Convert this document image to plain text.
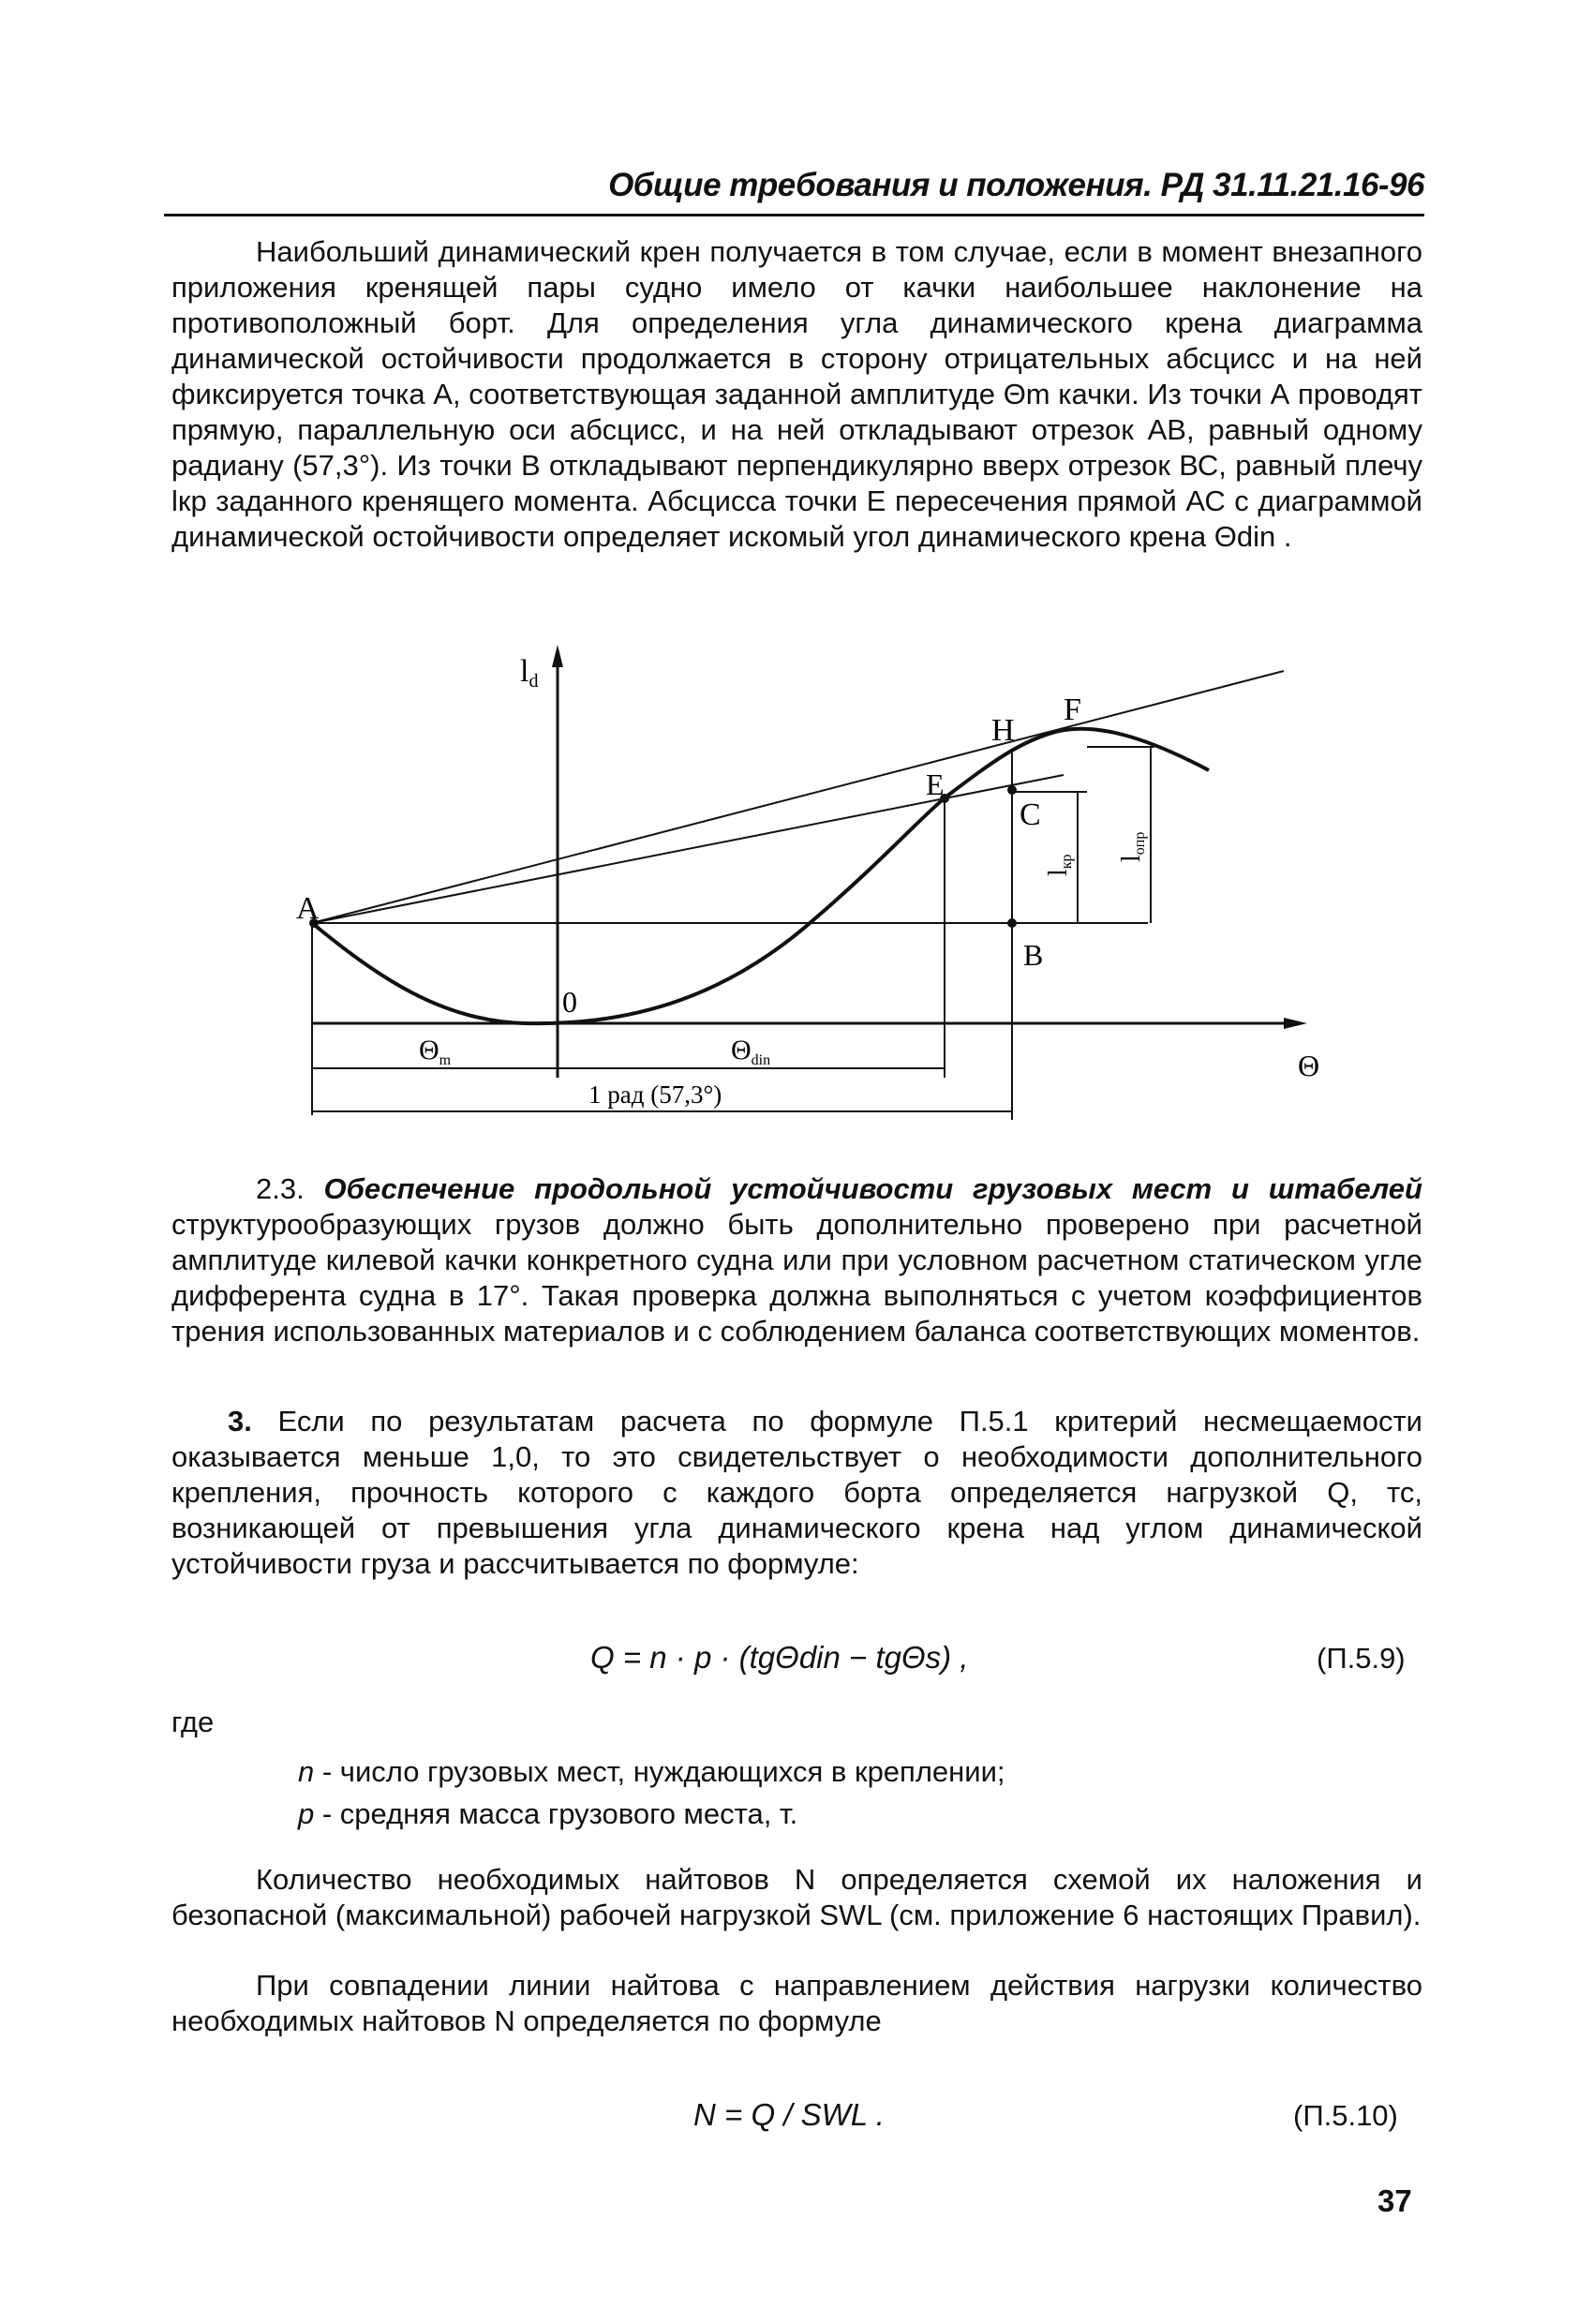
Общие требования и положения. РД 31.11.21.16-96

Наибольший динамический крен получается в том случае, если в момент внезапного приложения кренящей пары судно имело от качки наибольшее наклонение на противоположный борт. Для определения угла динамического крена диаграмма динамической остойчивости продолжается в сторону отрицательных абсцисс и на ней фиксируется точка А, соответствующая заданной амплитуде Θm качки. Из точки А проводят прямую, параллельную оси абсцисс, и на ней откладывают отрезок АВ, равный одному радиану (57,3°). Из точки В откладывают перпендикулярно вверх отрезок ВС, равный плечу lкр заданного кренящего момента. Абсцисса точки Е пересечения прямой АС с диаграммой динамической остойчивости определяет искомый угол динамического крена Θdin .

ld
Θ
0
A
B
C
E
H
F
$\Theta_m$	$\Theta_{din}$
1 рад (57,3°)
lкр lопр

2.3. Обеспечение продольной устойчивости грузовых мест и штабелей структурообразующих грузов должно быть дополнительно проверено при расчетной амплитуде килевой качки конкретного судна или при условном расчетном статическом угле дифферента судна в 17°. Такая проверка должна выполняться с учетом коэффициентов трения использованных материалов и с соблюдением баланса соответствующих моментов.

3. Если по результатам расчета по формуле П.5.1 критерий несмещаемости оказывается меньше 1,0, то это свидетельствует о необходимости дополнительного крепления, прочность которого с каждого борта определяется нагрузкой Q, тс, возникающей от превышения угла динамического крена над углом динамической устойчивости груза и рассчитывается по формуле:

Q = n · p · (tgΘdin − tgΘs) ,	(П.5.9)
где
n - число грузовых мест, нуждающихся в креплении;
p - средняя масса грузового места, т.

Количество необходимых найтовов N определяется схемой их наложения и безопасной (максимальной) рабочей нагрузкой SWL (см. приложение 6 настоящих Правил).

При совпадении линии найтова с направлением действия нагрузки количество необходимых найтовов N определяется по формуле

N = Q / SWL .	(П.5.10)
37
